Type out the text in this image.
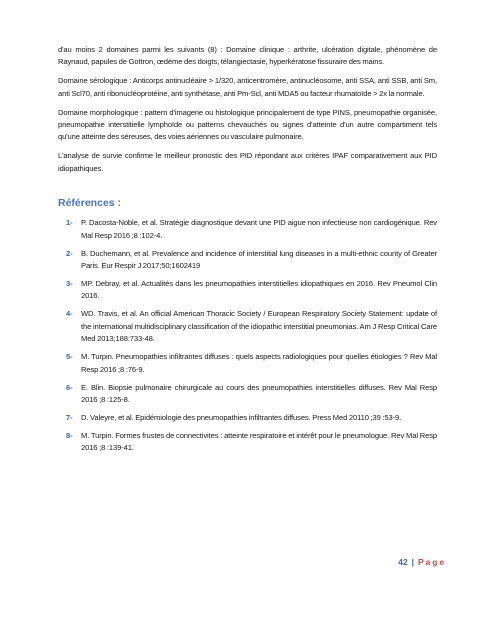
d'au moins 2 domaines parmi les suivants (8) : Domaine clinique : arthrite, ulcération digitale, phénomène de Raynaud, papules de Gottron, œdème des doigts, télangiectasie, hyperkératose fissuraire des mains.

Domaine sérologique : Anticorps antinucléaire > 1/320, anticentromère, antinucléosome, anti SSA, anti SSB, anti Sm, anti Scl70, anti ribonucléoprotéine, anti synthétase, anti Pm-Scl, anti MDA5 ou facteur rhumatoïde > 2x la normale.

Domaine morphologique : pattern d'imagerie ou histologique principalement de type PINS, pneumopathie organisée, pneumopathie interstitielle lymphoïde ou patterns chevauchés ou signes d'atteinte d'un autre compartiment tels qu'une atteinte des séreuses, des voies aériennes ou vasculaire pulmonaire.

L'analyse de survie confirme le meilleur pronostic des PID répondant aux critères IPAF comparativement aux PID idiopathiques.

Références :
1-	P. Dacosta-Noble, et al. Stratégie diagnostique devant une PID aigue non infectieuse non cardiogénique. Rev Mal Resp 2016 ;8 :102-4.
2-	B. Duchemann, et al. Prevalence and incidence of interstitial lung diseases in a multi-ethnic county of Greater Paris. Eur Respir J 2017;50;1602419
3-	MP. Debray, et al. Actualités dans les pneumopathies interstitielles idiopathiques en 2016. Rev Pneumol Clin 2016.
4-	WD. Travis, et al. An official American Thoracic Society / European Respiratory Society Statement: update of the international multidisciplinary classification of the idiopathic interstitial pneumonias. Am J Resp Critical Care Med 2013;188:733-48.
5-	M. Turpin. Pneumopathies infiltrantes diffuses : quels aspects radiologiques pour quelles étiologies ? Rev Mal Resp 2016 ;8 :76-9.
6-	E. Blin. Biopsie pulmonaire chirurgicale au cours des pneumopathies interstitielles diffuses. Rev Mal Resp 2016 ;8 :125-8.
7-	D. Valeyre, et al. Epidémiologie des pneumopathies infiltrantes diffuses. Press Med 20110 ;39 :53-9.
8-	M. Turpin. Formes frustes de connectivites : atteinte respiratoire et intérêt pour le pneumologue. Rev Mal Resp 2016 ;8 :139-41.
42 | Page
